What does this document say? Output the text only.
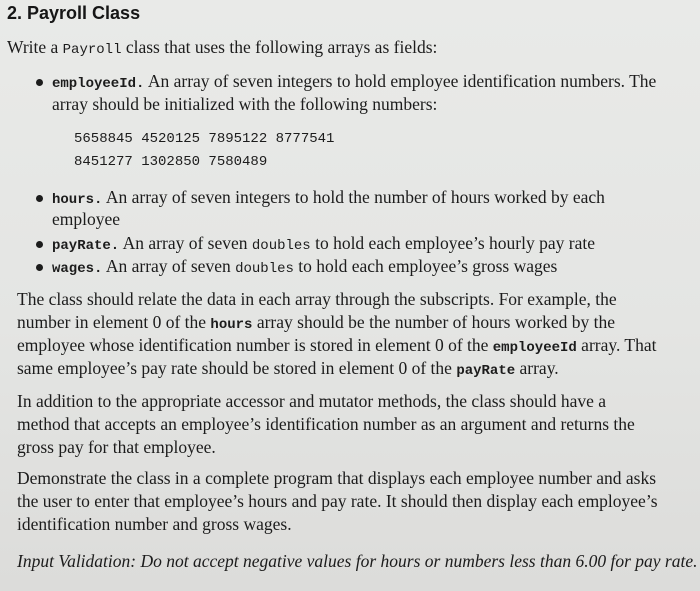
2. Payroll Class
Write a Payroll class that uses the following arrays as fields:
employeeId. An array of seven integers to hold employee identification numbers. The
array should be initialized with the following numbers:
5658845 4520125 7895122 8777541
8451277 1302850 7580489
hours. An array of seven integers to hold the number of hours worked by each
employee
payRate. An array of seven doubles to hold each employee’s hourly pay rate
wages. An array of seven doubles to hold each employee’s gross wages
The class should relate the data in each array through the subscripts. For example, the
number in element 0 of the hours array should be the number of hours worked by the
employee whose identification number is stored in element 0 of the employeeId array. That
same employee’s pay rate should be stored in element 0 of the payRate array.
In addition to the appropriate accessor and mutator methods, the class should have a
method that accepts an employee’s identification number as an argument and returns the
gross pay for that employee.
Demonstrate the class in a complete program that displays each employee number and asks
the user to enter that employee’s hours and pay rate. It should then display each employee’s
identification number and gross wages.
Input Validation: Do not accept negative values for hours or numbers less than 6.00 for pay rate.
